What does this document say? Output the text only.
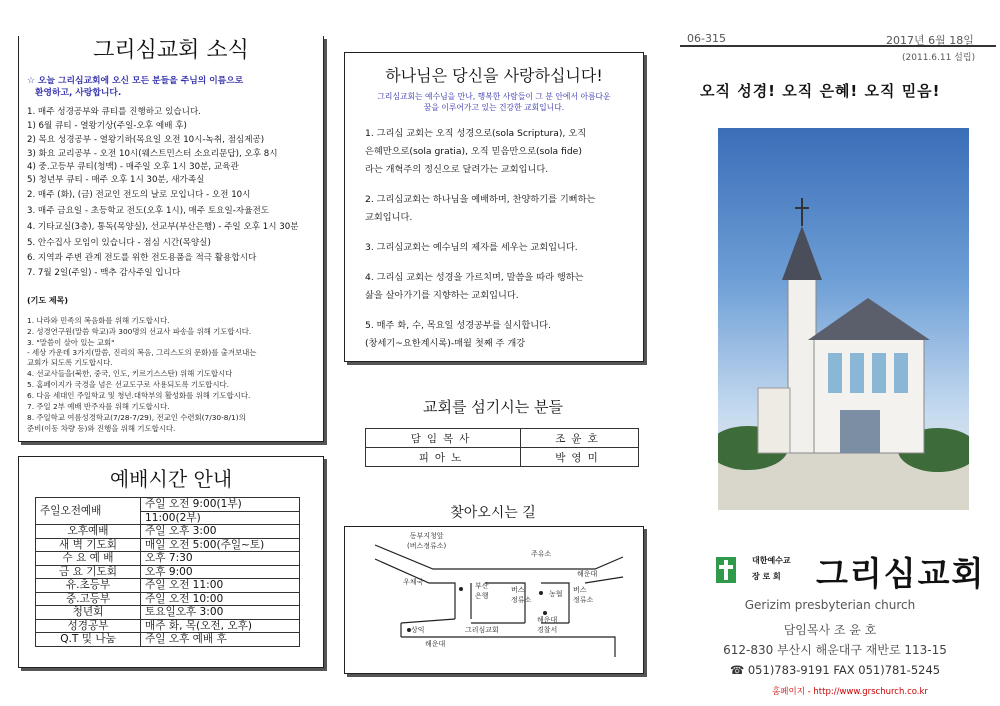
그리심교회 소식
☆ 오늘 그리심교회에 오신 모든 분들을 주님의 이름으로
환영하고, 사랑합니다.
1. 매주 성경공부와 큐티를 진행하고 있습니다.
1) 6월 큐티 - 열왕기상(주일-오후 예배 후)
2) 목요 성경공부 - 열왕기하(목요일 오전 10시-녹취, 점심제공)
3) 화요 교리공부 - 오전 10시(웨스트민스터 소요리문답), 오후 8시
4) 중.고등부 큐티(청맥) - 매주일 오후 1시 30분, 교육관
5) 청년부 큐티 - 매주 오후 1시 30분, 새가족실
2. 매주 (화), (금) 전교인 전도의 날로 모입니다 - 오전 10시
3. 매주 금요일 - 초등학교 전도(오후 1시), 매주 토요일-자율전도
4. 기타교실(3층), 통독(목양실), 선교부(부산은행) - 주일 오후 1시 30분
5. 안수집사 모임이 있습니다 - 점심 시간(목양실)
6. 지역과 주변 관계 전도를 위한 전도용품을 적극 활용합시다
7. 7월 2일(주일) - 맥추 감사주일 입니다
(기도 제목)
1. 나라와 민족의 복음화를 위해 기도합시다.
2. 성경연구원(말씀 학교)과 300명의 선교사 파송을 위해 기도합시다.
3. "말씀이 살아 있는 교회"
- 세상 가운데 3가지(말씀, 진리의 복음, 그리스도의 문화)를 출겨보내는
교회가 되도록 기도합시다.
4. 선교사들을(북한, 중국, 인도, 키르기스스탄) 위해 기도합시다
5. 홈페이지가 국경을 넘은 선교도구로 사용되도록 기도합시다.
6. 다음 세대인 주일학교 및 청년.대학부의 활성화를 위해 기도합시다.
7. 주일 2부 예배 반주자를 위해 기도합시다.
8. 주일학교 여름성경학교(7/28-7/29), 전교인 수련회(7/30-8/1)의
준비(이동 차량 등)와 진행을 위해 기도합시다.
예배시간 안내
주일오전예배	주일 오전 9:00(1부)
	11:00(2부)
오후예배	주일 오후 3:00
새 벽 기도회	매일 오전 5:00(주일~토)
수 요 예 배	오후 7:30
금 요 기도회	오후 9:00
유.초등부	주일 오전 11:00
중.고등부	주일 오전 10:00
청년회	토요일오후 3:00
성경공부	매주 화, 목(오전, 오후)
Q.T 및 나눔	주일 오후 예배 후
하나님은 당신을 사랑하십니다!
그리심교회는 예수님을 만나, 행복한 사람들이 그 분 안에서 아름다운
꿈을 이루어가고 있는 건강한 교회입니다.
1. 그리심 교회는 오직 성경으로(sola Scriptura), 오직
은혜만으로(sola gratia), 오직 믿음만으로(sola fide)
라는 개혁주의 정신으로 달려가는 교회입니다.
2. 그리심교회는 하나님을 예배하며, 찬양하기를 기뻐하는
교회입니다.
3. 그리심교회는 예수님의 제자를 세우는 교회입니다.
4. 그리심 교회는 성경을 가르치며, 말씀을 따라 행하는
삶을 살아가기를 지향하는 교회입니다.
5. 매주 화, 수, 목요일 성경공부를 실시합니다.
(창세기~요한계시록)-매월 첫째 주 개강
교회를 섬기시는 분들
담임목사	조윤호
피아노	박영미
찾아오시는 길
동부지청앞
(버스정류소)
주유소
해운대
우체국	부산
은행
버스
정류소
농협 버스
정류소
해운대
경찰서
상익	그리심교회
해운대
06-315	2017년 6월 18일
(2011.6.11 설립)
오직 성경! 오직 은혜! 오직 믿음!
대한예수교
장 로 회 그리심교회
Gerizim presbyterian church
담임목사 조 윤 호
612-830 부산시 해운대구 재반로 113-15
☎ 051)783-9191 FAX 051)781-5245
홈페이지 - http://www.grschurch.co.kr
